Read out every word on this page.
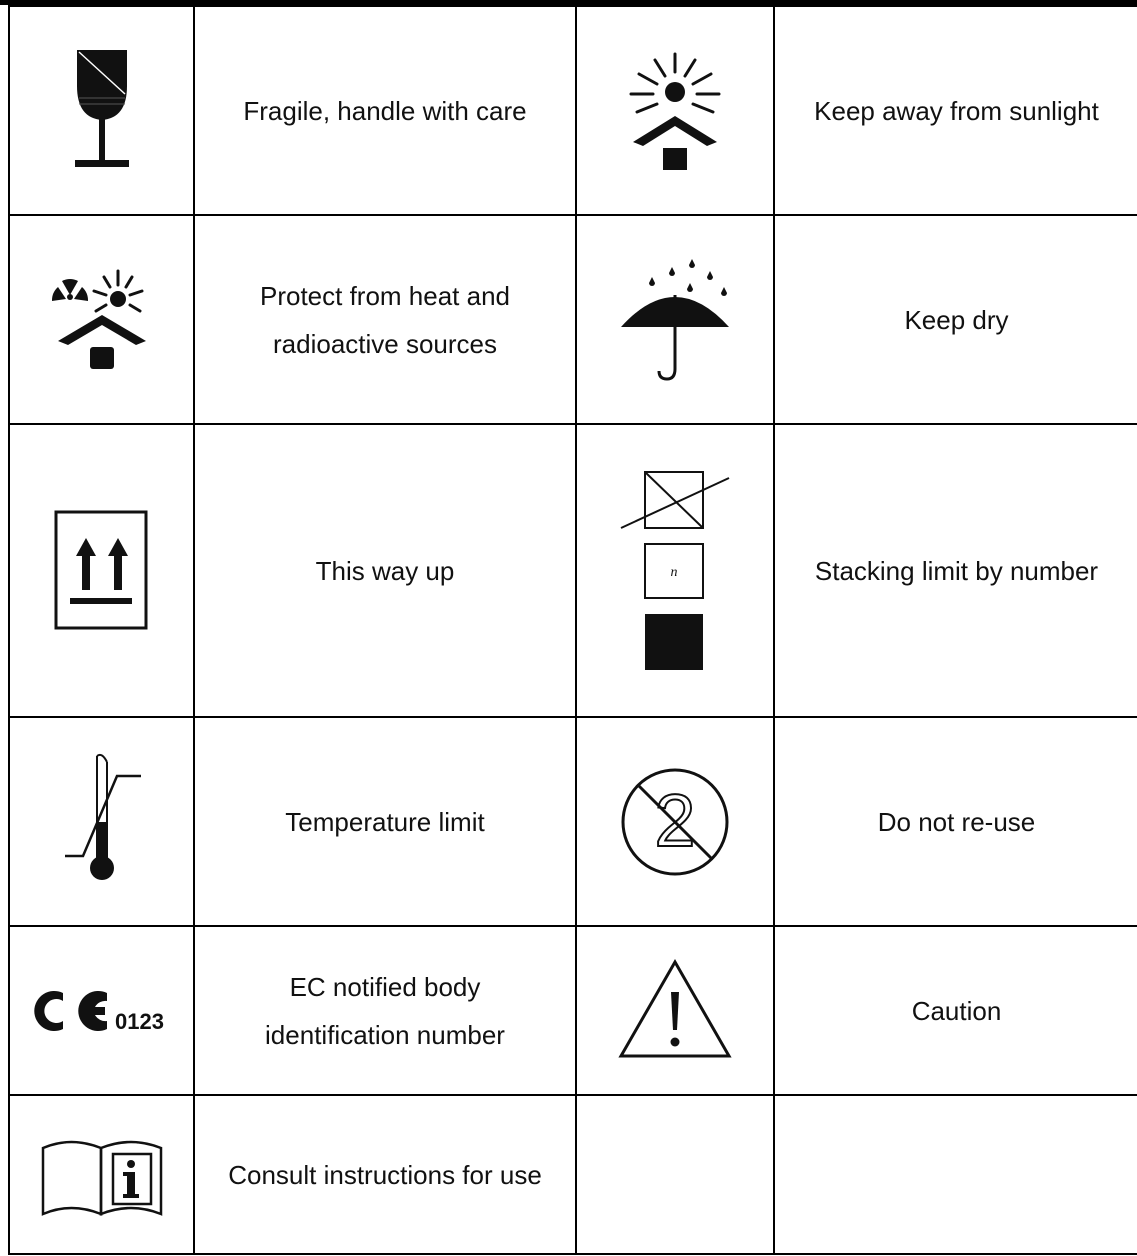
	Fragile, handle with care		Keep away from sunlight

	Protect from heat and radioactive sources		Keep dry

	This way up	n	Stacking limit by number

	Temperature limit	2	Do not re-use

0123	EC notified body identification number		Caution

	Consult instructions for use		
